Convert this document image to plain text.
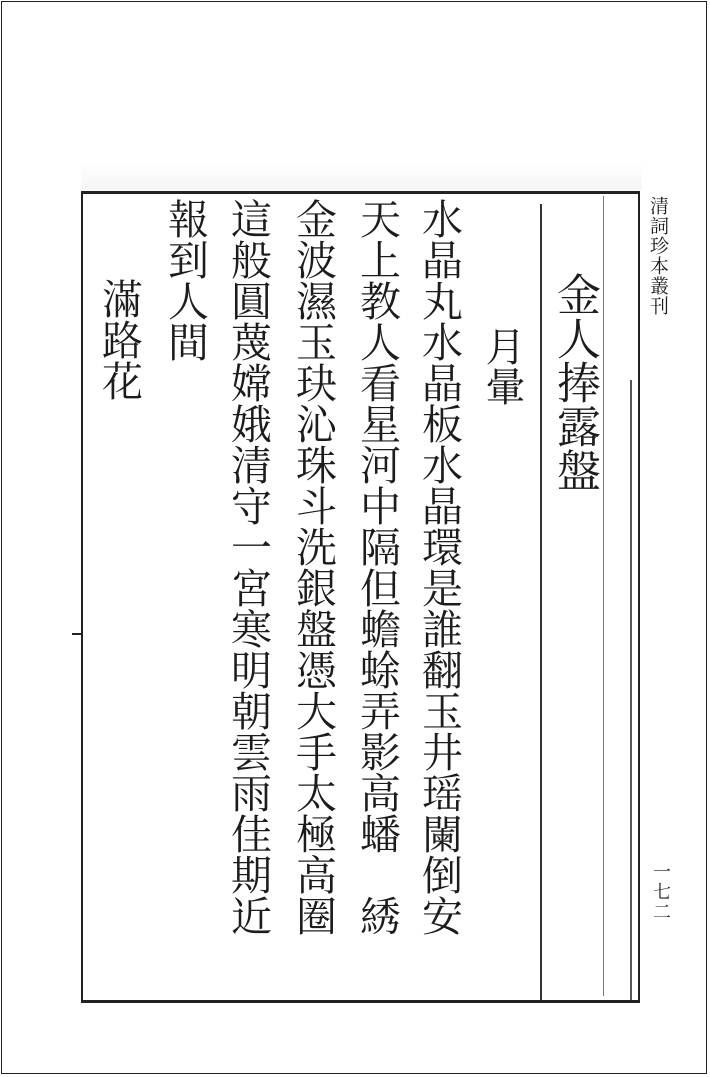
清詞珍本叢刊
一七二
金人捧露盤
月暈
水晶丸水晶板水晶環是誰翻玉井瑶闌倒安
天上教人看星河中隔但蟾蜍弄影高蟠　綉
金波濕玉玦沁珠斗洗銀盤憑大手太極高圈
這般圓蔑嫦娥清守一宮寒明朝雲雨佳期近
報到人間
滿路花
